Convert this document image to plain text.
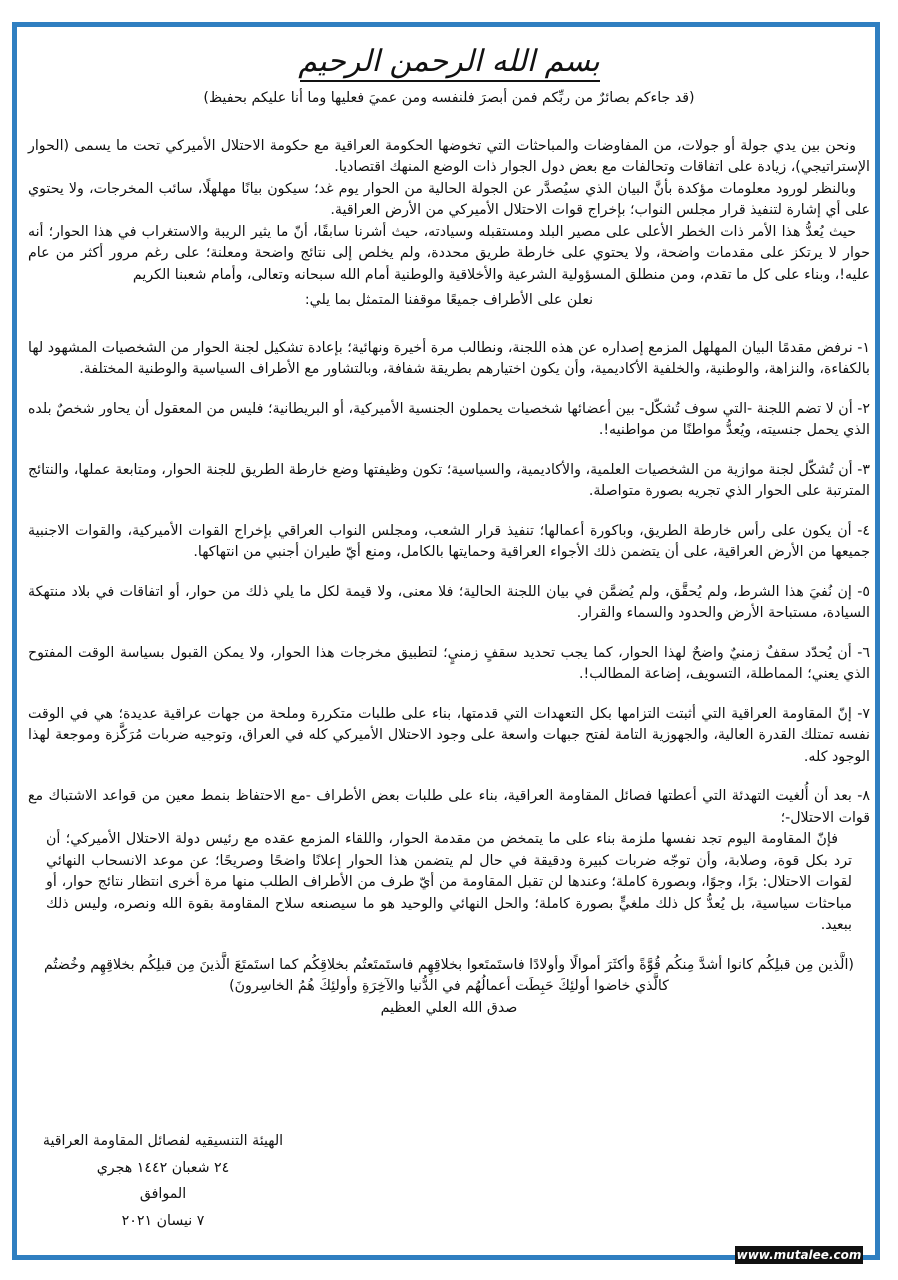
بسم الله الرحمن الرحيم

(قد جاءكم بصائرٌ من ربِّكم فمن أبصرَ فلنفسه ومن عميَ فعليها وما أنا عليكم بحفيظ)

ونحن بين يدي جولة أو جولات، من المفاوضات والمباحثات التي تخوضها الحكومة العراقية مع حكومة الاحتلال الأميركي تحت ما يسمى (الحوار الإستراتيجي)، زيادة على اتفاقات وتحالفات مع بعض دول الجوار ذات الوضع المنهك اقتصاديا.

وبالنظر لورود معلومات مؤكدة بأنَّ البيان الذي سيُصدَّر عن الجولة الحالية من الحوار يوم غد؛ سيكون بيانًا مهلهلًا، سائب المخرجات، ولا يحتوي على أي إشارة لتنفيذ قرار مجلس النواب؛ بإخراج قوات الاحتلال الأميركي من الأرض العراقية.

حيث يُعدُّ هذا الأمر ذات الخطر الأعلى على مصير البلد ومستقبله وسيادته، حيث أشرنا سابقًا، أنّ ما يثير الريبة والاستغراب في هذا الحوار؛ أنه حوار لا يرتكز على مقدمات واضحة، ولا يحتوي على خارطة طريق محددة، ولم يخلص إلى نتائج واضحة ومعلنة؛ على رغم مرور أكثر من عام عليه!، وبناء على كل ما تقدم، ومن منطلق المسؤولية الشرعية والأخلاقية والوطنية أمام الله سبحانه وتعالى، وأمام شعبنا الكريم

نعلن على الأطراف جميعًا موقفنا المتمثل بما يلي:

١- نرفض مقدمًا البيان المهلهل المزمع إصداره عن هذه اللجنة، ونطالب مرة أخيرة ونهائية؛ بإعادة تشكيل لجنة الحوار من الشخصيات المشهود لها بالكفاءة، والنزاهة، والوطنية، والخلفية الأكاديمية، وأن يكون اختيارهم بطريقة شفافة، وبالتشاور مع الأطراف السياسية والوطنية المختلفة.

٢- أن لا تضم اللجنة -التي سوف تُشكّل- بين أعضائها شخصيات يحملون الجنسية الأميركية، أو البريطانية؛ فليس من المعقول أن يحاور شخصٌ بلده الذي يحمل جنسيته، ويُعدُّ مواطنًا من مواطنيه!.

٣- أن تُشكّل لجنة موازية من الشخصيات العلمية، والأكاديمية، والسياسية؛ تكون وظيفتها وضع خارطة الطريق للجنة الحوار، ومتابعة عملها، والنتائج المترتبة على الحوار الذي تجريه بصورة متواصلة.

٤- أن يكون على رأس خارطة الطريق، وباكورة أعمالها؛ تنفيذ قرار الشعب، ومجلس النواب العراقي بإخراج القوات الأميركية، والقوات الاجنبية جميعها من الأرض العراقية، على أن يتضمن ذلك الأجواء العراقية وحمايتها بالكامل، ومنع أيّ طيران أجنبي من انتهاكها.

٥- إن نُفيَ هذا الشرط، ولم يُحقَّق، ولم يُضمَّن في بيان اللجنة الحالية؛ فلا معنى، ولا قيمة لكل ما يلي ذلك من حوار، أو اتفاقات في بلاد منتهكة السيادة، مستباحة الأرض والحدود والسماء والقرار.

٦- أن يُحدّد سقفٌ زمنيٌ واضحٌ لهذا الحوار، كما يجب تحديد سقفٍ زمنيٍ؛ لتطبيق مخرجات هذا الحوار، ولا يمكن القبول بسياسة الوقت المفتوح الذي يعني؛ المماطلة، التسويف، إضاعة المطالب!.

٧- إنّ المقاومة العراقية التي أثبتت التزامها بكل التعهدات التي قدمتها، بناء على طلبات متكررة وملحة من جهات عراقية عديدة؛ هي في الوقت نفسه تمتلك القدرة العالية، والجهوزية التامة لفتح جبهات واسعة على وجود الاحتلال الأميركي كله في العراق، وتوجيه ضربات مُرَكَّزة وموجعة لهذا الوجود كله.

٨- بعد أن أُلغيت التهدئة التي أعطتها فصائل المقاومة العراقية، بناء على طلبات بعض الأطراف -مع الاحتفاظ بنمط معين من قواعد الاشتباك مع قوات الاحتلال-؛

فإنّ المقاومة اليوم تجد نفسها ملزمة بناء على ما يتمخض من مقدمة الحوار، واللقاء المزمع عقده مع رئيس دولة الاحتلال الأميركي؛ أن ترد بكل قوة، وصلابة، وأن توجّه ضربات كبيرة ودقيقة في حال لم يتضمن هذا الحوار إعلانًا واضحًا وصريحًا؛ عن موعد الانسحاب النهائي لقوات الاحتلال: برًا، وجوًا، وبصورة كاملة؛ وعندها لن تقبل المقاومة من أيّ طرف من الأطراف الطلب منها مرة أخرى انتظار نتائج حوار، أو مباحثات سياسية، بل يُعدُّ كل ذلك ملغيٍّ بصورة كاملة؛ والحل النهائي والوحيد هو ما سيصنعه سلاح المقاومة بقوة الله ونصره، وليس ذلك ببعيد.

(الَّذين مِن قبلِكُم كانوا أشدَّ مِنكُم قُوَّةً وأكثَرَ أموالًا وأولادًا فاستَمتَعوا بخلاقِهِم فاستَمتَعتُم بخلاقِكُم كما استَمتَعَ الَّذينَ مِن قبلِكُم بخلاقِهِم وخُضتُم كالَّذي خاضوا أولئِكَ حَبِطَت أعمالُهُم في الدُّنيا والآخِرَةِ وأولئِكَ هُمُ الخاسِرونَ)

صدق الله العلي العظيم

الهيئة التنسيقيه لفصائل المقاومة العراقية
٢٤ شعبان ١٤٤٢ هجري
الموافق
٧ نيسان ٢٠٢١
www.mutalee.com
